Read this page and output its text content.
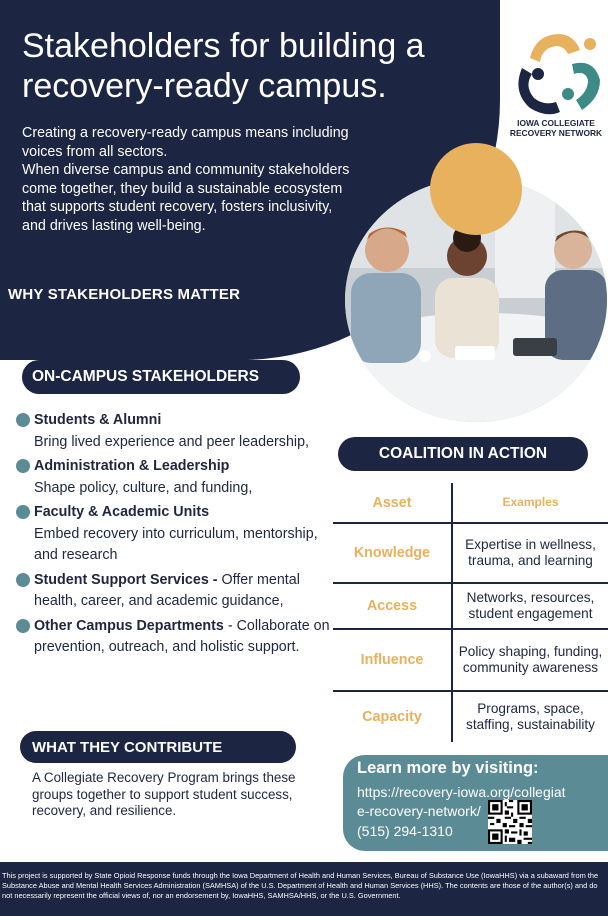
Stakeholders for building a recovery-ready campus.

Creating a recovery-ready campus means including voices from all sectors.

When diverse campus and community stakeholders come together, they build a sustainable ecosystem that supports student recovery, fosters inclusivity,

and drives lasting well-being.

WHY STAKEHOLDERS MATTER
IOWA COLLEGIATE
RECOVERY NETWORK
ON-CAMPUS STAKEHOLDERS
Students & Alumni
Bring lived experience and peer leadership,
Administration & Leadership
Shape policy, culture, and funding,
Faculty & Academic Units
Embed recovery into curriculum, mentorship, and research
Student Support Services - Offer mental health, career, and academic guidance,
Other Campus Departments - Collaborate on prevention, outreach, and holistic support.
WHAT THEY CONTRIBUTE
A Collegiate Recovery Program brings these groups together to support student success, recovery, and resilience.
COALITION IN ACTION
Asset	Examples
Knowledge
Expertise in wellness, trauma, and learning
Access
Networks, resources, student engagement
Influence
Policy shaping, funding, community awareness
Capacity
Programs, space, staffing, sustainability
Learn more by visiting:
https://recovery-iowa.org/collegiate-recovery-network/
(515) 294-1310
This project is supported by State Opioid Response funds through the Iowa Department of Health and Human Services, Bureau of Substance Use (IowaHHS) via a subaward from the Substance Abuse and Mental Health Services Administration (SAMHSA) of the U.S. Department of Health and Human Services (HHS). The contents are those of the author(s) and do not necessarily represent the official views of, nor an endorsement by, IowaHHS, SAMHSA/HHS, or the U.S. Government.
